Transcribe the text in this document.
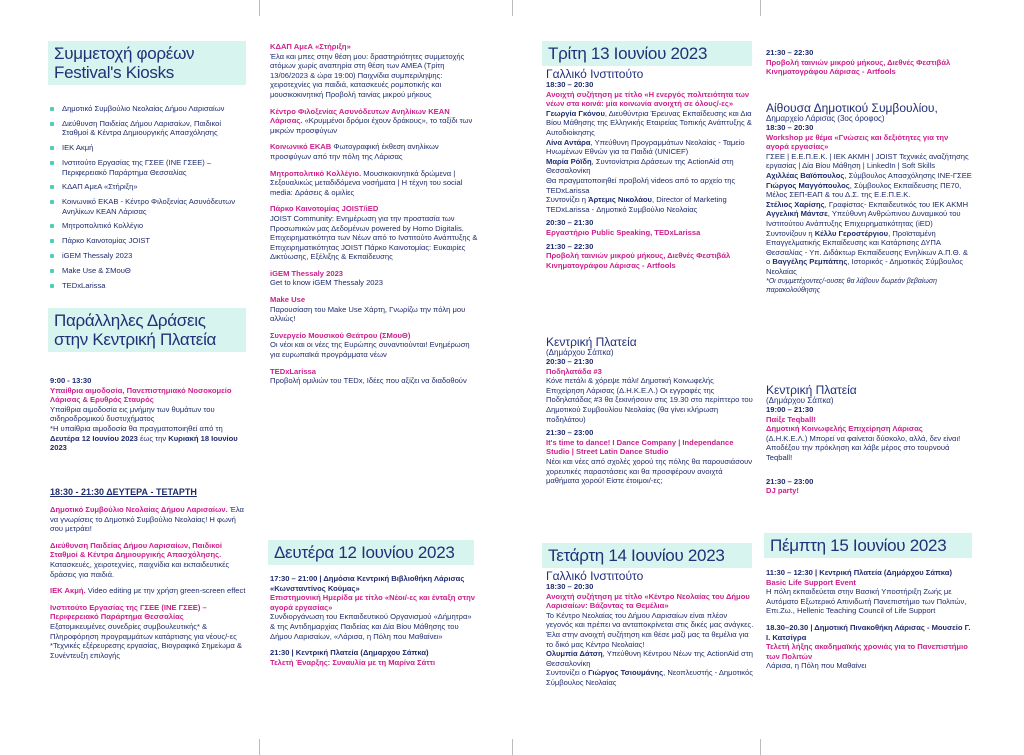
Συμμετοχή φορέων
Festival's Kiosks
Δημοτικό Συμβούλιο Νεολαίας Δήμου Λαρισαίων
Διεύθυνση Παιδείας Δήμου Λαρισαίων, Παιδικοί Σταθμοί & Κέντρα Δημιουργικής Απασχόλησης
ΙΕΚ Ακμή
Ινστιτούτο Εργασίας της ΓΣΕΕ (ΙΝΕ ΓΣΕΕ) – Περιφερειακό Παράρτημα Θεσσαλίας
ΚΔΑΠ ΑμεΑ «Στήριξη»
Κοινωνικό ΕΚΑΒ - Κέντρο Φιλοξενίας Ασυνόδευτων Ανηλίκων ΚΕΑΝ Λάρισας
Μητροπολιτικό Κολλέγιο
Πάρκο Καινοτομίας JOIST
iGEM Thessaly 2023
Make Use & ΣΜουΘ
TEDxLarissa
Παράλληλες Δράσεις
στην Κεντρική Πλατεία
9:00 - 13:30
Υπαίθρια αιμοδοσία, Πανεπιστημιακό Νοσοκομείο Λάρισας & Ερυθρός Σταυρός
Υπαίθρια αιμοδοσία εις μνήμην των θυμάτων του σιδηροδρομικού δυστυχήματος
*Η υπαίθρια αιμοδοσία θα πραγματοποιηθεί από τη Δευτέρα 12 Ιουνίου 2023 έως την Κυριακή 18 Ιουνίου 2023
18:30 - 21:30 ΔΕΥΤΕΡΑ - ΤΕΤΑΡΤΗ
Δημοτικό Συμβούλιο Νεολαίας Δήμου Λαρισαίων. Έλα να γνωρίσεις το Δημοτικό Συμβούλιο Νεολαίας! Η φωνή σου μετράει!
Διεύθυνση Παιδείας Δήμου Λαρισαίων, Παιδικοί Σταθμοί & Κέντρα Δημιουργικής Απασχόλησης. Κατασκευές, χειροτεχνίες, παιχνίδια και εκπαιδευτικές δράσεις για παιδιά.
ΙΕΚ Ακμή. Video editing με την χρήση green-screen effect
Ινστιτούτο Εργασίας της ΓΣΕΕ (ΙΝΕ ΓΣΕΕ) – Περιφερειακό Παράρτημα Θεσσαλίας
Εξατομικευμένες συνεδρίες συμβουλευτικής* & Πληροφόρηση προγραμμάτων κατάρτισης για νέους/-ες *Τεχνικές εξέρευρεσης εργασίας, Βιογραφικό Σημείωμα & Συνέντευξη επιλογής
ΚΔΑΠ ΑμεΑ «Στήριξη»
Έλα και μπες στην θέση μου: δραστηριότητες συμμετοχής ατόμων χωρίς αναπηρία στη θέση των ΑΜΕΑ (Τρίτη 13/06/2023 & ώρα 19:00) Παιχνίδια συμπεριληψης: χειροτεχνίες για παιδιά, κατασκευές ρομποτικής και μουσικοκινητική Προβολή ταινίας μικρού μήκους
Κέντρο Φιλοξενίας Ασυνόδευτων Ανηλίκων ΚΕΑΝ Λάρισας. «Κρυμμένοι δρόμοι έχουν δράκους», το ταξίδι των μικρών προσφύγων
Κοινωνικό ΕΚΑΒ Φωτογραφική έκθεση ανηλίκων προσφύγων από την πόλη της Λάρισας
Μητροπολιτικό Κολλέγιο. Μουσικοκινητικά δρώμενα | Σεξουαλικώς μεταδιδόμενα νοσήματα | Η τέχνη του social media: Δράσεις & ομιλίες
Πάρκο Καινοτομίας JOIST/iED
JOIST Community: Ενημέρωση για την προστασία των Προσωπικών μας Δεδομένων powered by Homo Digitalis. Επιχειρηματικότητα των Νέων από το Ινστιτούτο Ανάπτυξης & Επιχειρηματικότητας JOIST Πάρκο Καινοτομίας: Ευκαιρίες Δικτύωσης, Εξέλιξης & Εκπαίδευσης
iGEM Thessaly 2023
Get to know iGEM Thessaly 2023
Make Use
Παρουσίαση του Make Use Χάρτη, Γνωρίζω την πόλη μου αλλιώς!
Συνεργείο Μουσικού Θεάτρου (ΣΜουΘ)
Οι νέοι και οι νέες της Ευρώπης συναντιούνται! Ενημέρωση για ευρωπαϊκά προγράμματα νέων
TEDxLarissa
Προβολή ομιλιών του TEDx, Ιδέες που αξίζει να διαδοθούν
Δευτέρα 12 Ιουνίου 2023
17:30 – 21:00 | Δημόσια Κεντρική Βιβλιοθήκη Λάρισας «Κωνσταντίνος Κούμας»
Επιστημονική Ημερίδα με τίτλο «Νέοι/-ες και ένταξη στην αγορά εργασίας»
Συνδιοργάνωση του Εκπαιδευτικού Οργανισμού «Δήμητρα» & της Αντιδημαρχίας Παιδείας και Δία Βίου Μάθησης του Δήμου Λαρισαίων, «Λάρισα, η Πόλη που Μαθαίνει»
21:30 | Κεντρική Πλατεία (Δημαρχου Σάπκα)
Τελετή Έναρξης: Συναυλία με τη Μαρίνα Σάττι
Τρίτη 13 Ιουνίου 2023
Γαλλικό Ινστιτούτο
18:30 – 20:30
Ανοιχτή συζήτηση με τίτλο «Η ενεργός πολιτειότητα των νέων στα κοινά: μία κοινωνία ανοιχτή σε όλους/-ες»
Γεωργία Γκόνου, Διευθύντρια Έρευνας Εκπαίδευσης και Δια Βίου Μάθησης της Ελληνικής Εταιρείας Τοπικής Ανάπτυξης & Αυτοδιοίκησης
Λίνα Αντάρα, Υπεύθυνη Προγραμμάτων Νεολαίας - Ταμείο Ηνωμένων Εθνών για τα Παιδιά (UNICEF)
Μαρία Ρόϊδη, Συντονίστρια Δράσεων της ActionAid στη Θεσσαλονίκη
Θα πραγματοποιηθεί προβολή videos από το αρχείο της TEDxLarissa
Συντονίζει η Άρτεμις Νικολάου, Director of Marketing TEDxLarissa - Δημοτικό Συμβούλιο Νεολαίας
20:30 – 21:30
Εργαστήριο Public Speaking, TEDxLarissa
21:30 – 22:30
Προβολή ταινιών μικρού μήκους, Διεθνές Φεστιβάλ Κινηματογράφου Λάρισας - Artfools
Κεντρική Πλατεία
(Δημάρχου Σάπκα)
20:30 – 21:30
Ποδηλατάδα #3
Κόνε πετάλι & χόρεψε πάλι! Δημοτική Κοινωφελής Επιχείρηση Λάρισας (Δ.Η.Κ.Ε.Λ.) Οι εγγραφές της Ποδηλατάδας #3 θα ξεκινήσουν στις 19.30 στο περίπτερο του Δημοτικού Συμβουλίου Νεολαίας (θα γίνει κλήρωση ποδηλάτου)
21:30 – 23:00
It's time to dance! I Dance Company | Independance Studio | Street Latin Dance Studio
Νέοι και νέες από σχολές χορού της πόλης θα παρουσιάσουν χορευτικές παραστάσεις και θα προσφέρουν ανοιχτά μαθήματα χορού! Είστε έτοιμοι/-ες;
Τετάρτη 14 Ιουνίου 2023
Γαλλικό Ινστιτούτο
18:30 – 20:30
Ανοιχτή συζήτηση με τίτλο «Κέντρο Νεολαίας του Δήμου Λαρισαίων: Βάζοντας τα Θεμέλια»
Το Κέντρο Νεολαίας του Δήμου Λαρισαίων είναι πλέον γεγονός και πρέπει να ανταποκρίνεται στις δικές μας ανάγκες. Έλα στην ανοιχτή συζήτηση και θέσε μαζί μας τα θεμέλια για το δικό μας Κέντρο Νεολαίας!
Ολυμπία Δάτση, Υπεύθυνη Κέντρου Νέων της ActionAid στη Θεσσαλονίκη
Συντονίζει ο Γιώργος Τσιουμάνης, Νεοπλευστής - Δημοτικός Σύμβουλος Νεολαίας
21:30 – 22:30
Προβολή ταινιών μικρού μήκους, Διεθνές Φεστιβάλ Κινηματογράφου Λάρισας - Artfools
Αίθουσα Δημοτικού Συμβουλίου,
Δημαρχείο Λάρισας (3ος όροφος)
18:30 – 20:30
Workshop με θέμα «Γνώσεις και δεξιότητες για την αγορά εργασίας»
ΓΣΕΕ | Ε.Ε.Π.Ε.Κ. | ΙΕΚ ΑΚΜΗ | JOIST Τεχνικές αναζήτησης εργασίας | Δία Βίου Μάθηση | LinkedIn | Soft Skills
Αχιλλέας Βαϊόπουλος, Σύμβουλος Απασχόλησης ΙΝΕ-ΓΣΕΕ
Γιώργος Μαγγόπουλος, Σύμβουλος Εκπαίδευσης ΠΕ70, Μέλος ΣΕΠ-ΕΑΠ & του Δ.Σ. της Ε.Ε.Π.Ε.Κ.
Στέλιος Χαρίσης, Γραφίστας- Εκπαιδευτικός του ΙΕΚ ΑΚΜΗ
Αγγελική Μάντσε, Υπεύθυνη Ανθρώπινου Δυναμικού του Ινστιτούτου Ανάπτυξης Επιχειρηματικότητας (iED)
Συντονίζουν η Κέλλυ Γεροστέργιου, Προϊσταμένη Επαγγελματικής Εκπαίδευσης και Κατάρτισης ΔΥΠΑ Θεσσαλίας - Υπ. Διδάκτωρ Εκπαίδευσης Ενηλίκων Α.Π.Θ. & ο Βαγγέλης Ρεμπάπης, Ιστορικός - Δημοτικός Σύμβουλος Νεολαίας
*Οι συμμετέχοντες/-ουσες θα λάβουν δωρεάν βεβαίωση παρακολούθησης
Κεντρική Πλατεία
(Δημάρχου Σάπκα)
19:00 – 21:30
Παίξε Teqball!
Δημοτική Κοινωφελής Επιχείρηση Λάρισας
(Δ.Η.Κ.Ε.Λ.) Μπορεί να φαίνεται δύσκολο, αλλά, δεν είναι! Αποδέξου την πρόκληση και λάβε μέρος στο τουρνουά Teqball!
21:30 – 23:00
DJ party!
Πέμπτη 15 Ιουνίου 2023
11:30 – 12:30 | Κεντρική Πλατεία (Δημάρχου Σάπκα)
Basic Life Support Event
Η πόλη εκπαιδεύεται στην Βασική Υποστήριξη Ζωής με Αυτόματο Εξωτερικό Απινιδωτή Πανεπιστήμιο των Πολιτών, Επι.Ζω., Hellenic Teaching Council of Life Support
18.30–20.30 | Δημοτική Πινακοθήκη Λάρισας - Μουσείο Γ. Ι. Κατσίγρα
Τελετή λήξης ακαδημαϊκής χρονιάς για το Πανεπιστήμιο των Πολιτών
Λάρισα, η Πόλη που Μαθαίνει
